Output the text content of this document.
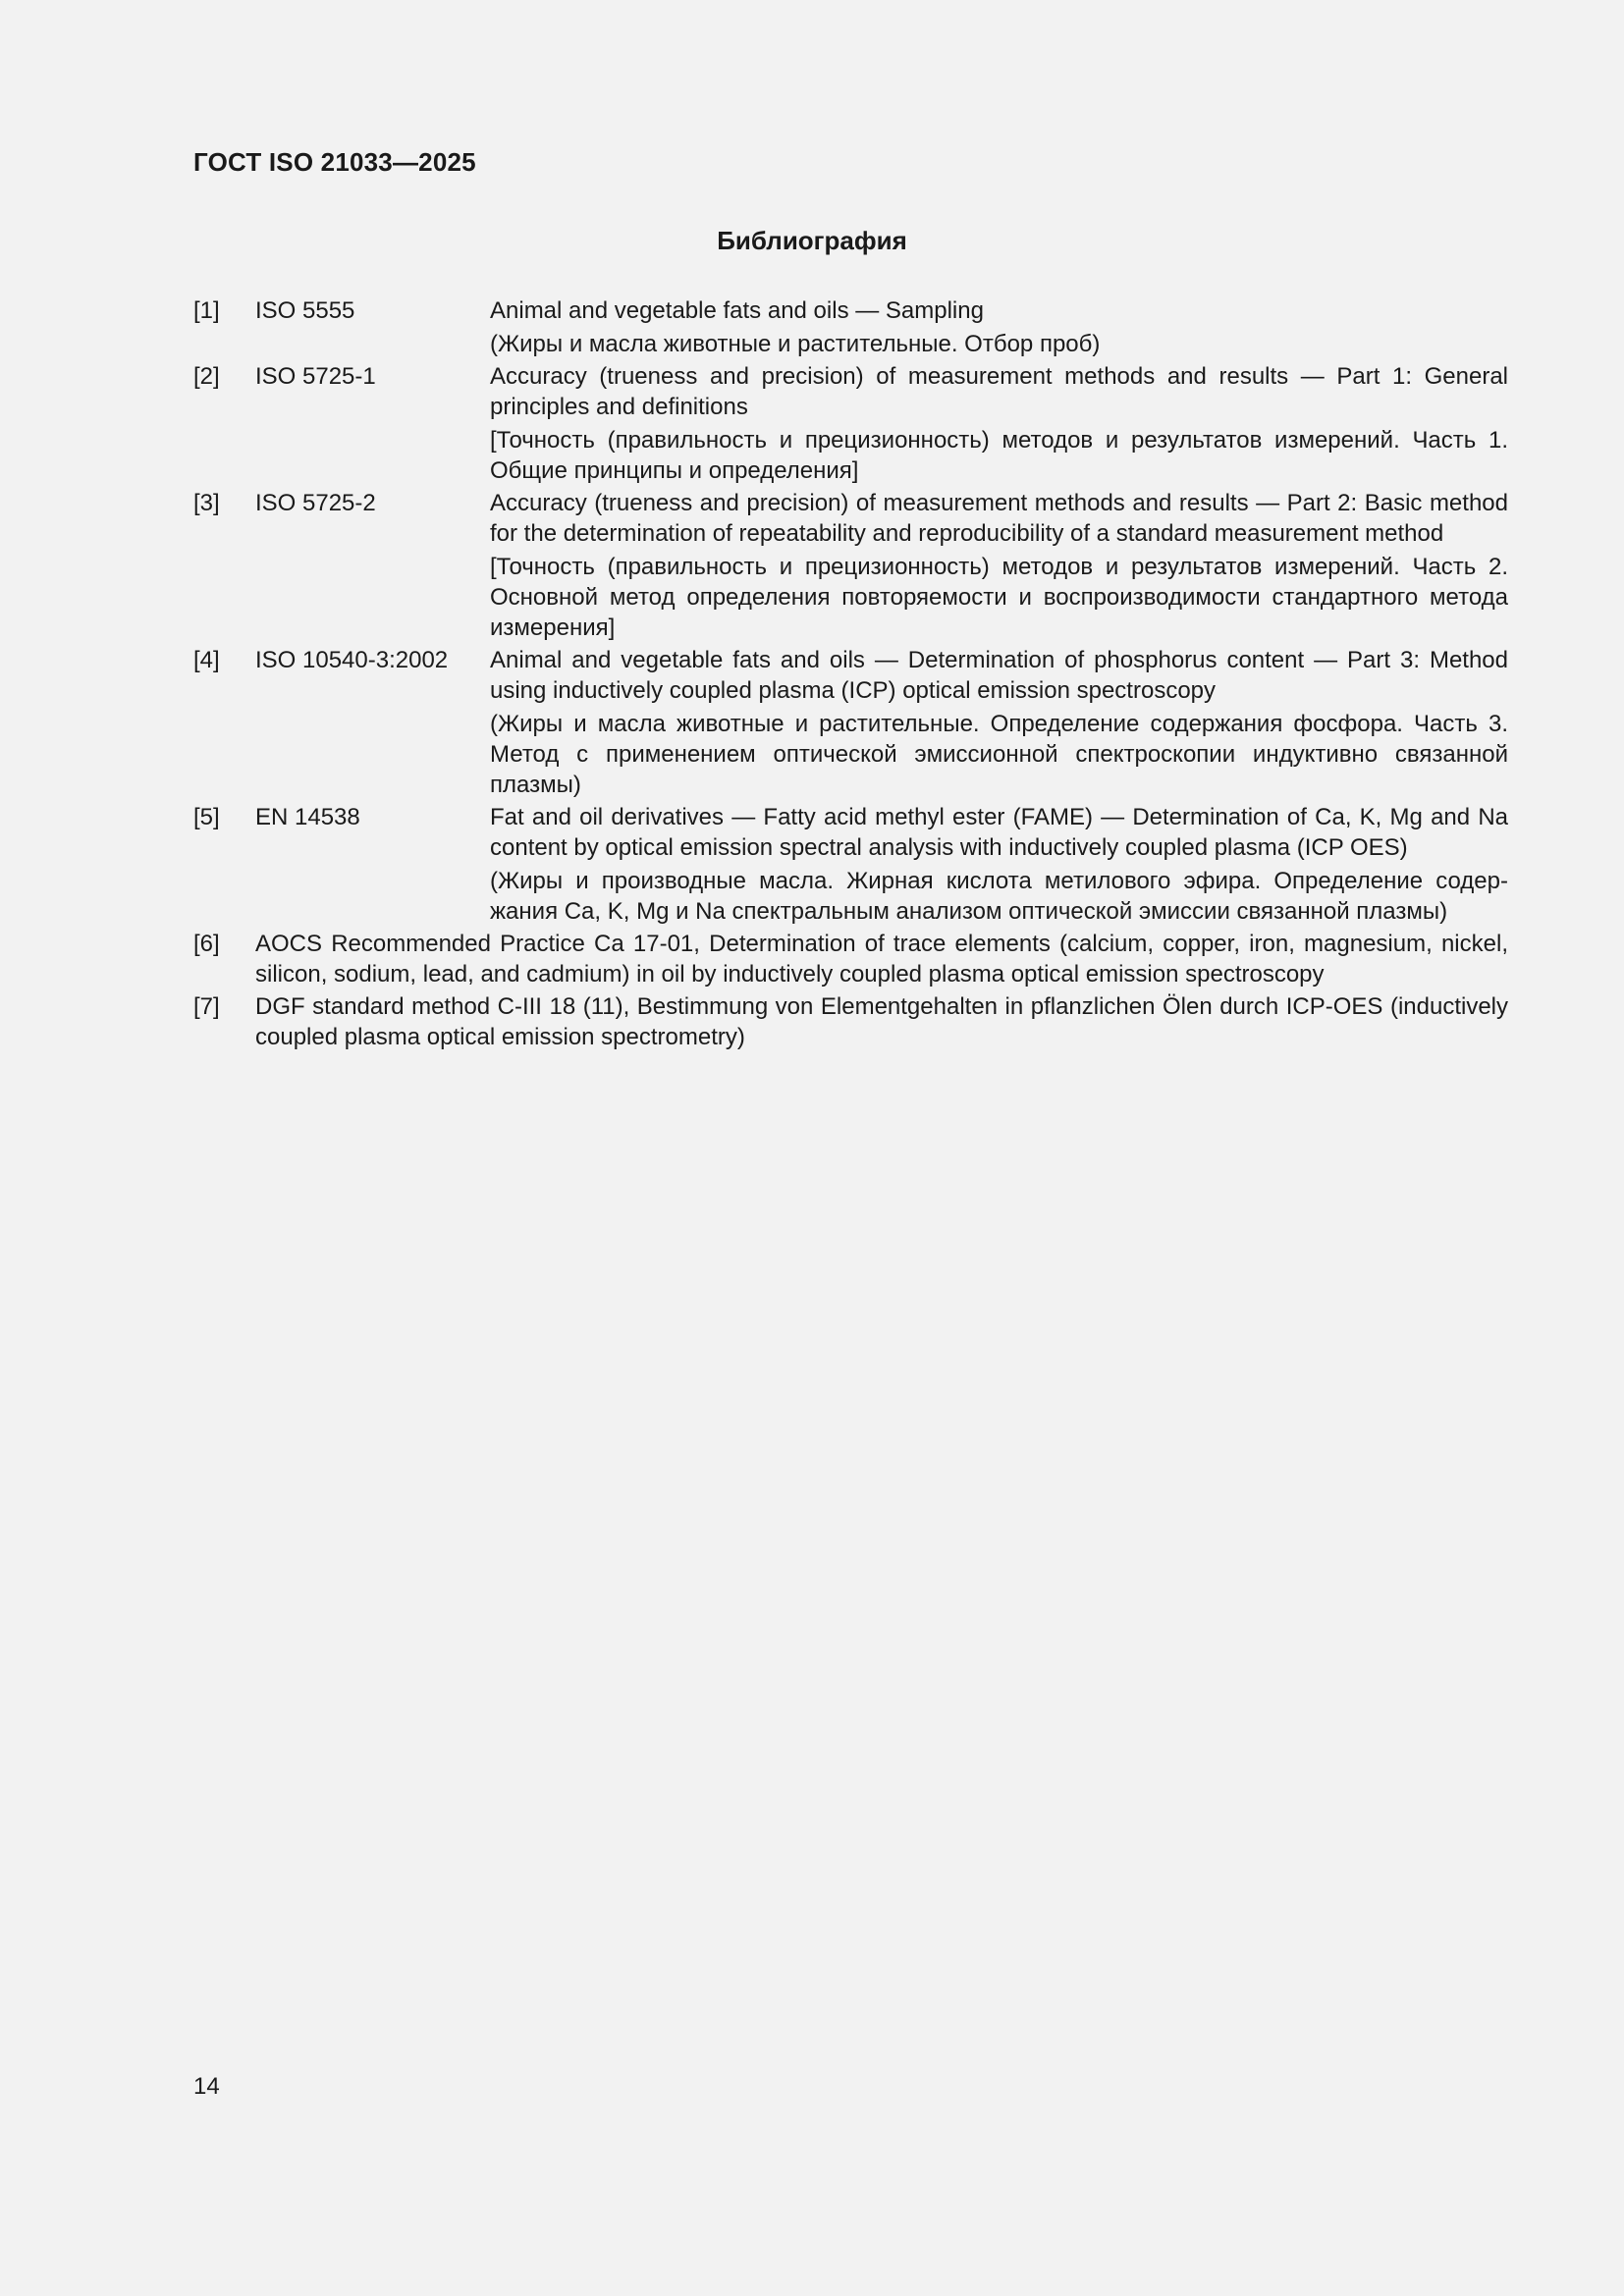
ГОСТ ISO 21033—2025
Библиография
[1]	ISO 5555	Animal and vegetable fats and oils — Sampling

(Жиры и масла животные и растительные. Отбор проб)

[2]	ISO 5725-1	Accuracy (trueness and precision) of measurement methods and results — Part 1: General principles and definitions

[Точность (правильность и прецизионность) методов и результатов измерений. Часть 1. Общие принципы и определения]

[3]	ISO 5725-2	Accuracy (trueness and precision) of measurement methods and results — Part 2: Basic method for the determination of repeatability and reproducibility of a standard measurement method

[Точность (правильность и прецизионность) методов и результатов измерений. Часть 2. Основной метод определения повторяемости и воспроизводимости стандартного метода измерения]

[4]	ISO 10540-3:2002	Animal and vegetable fats and oils — Determination of phosphorus content — Part 3: Method using inductively coupled plasma (ICP) optical emission spectroscopy

(Жиры и масла животные и растительные. Определение содержания фосфора. Часть 3. Метод с применением оптической эмиссионной спектроскопии индуктивно связанной плазмы)

[5]	EN 14538	Fat and oil derivatives — Fatty acid methyl ester (FAME) — Determination of Ca, K, Mg and Na content by optical emission spectral analysis with inductively coupled plasma (ICP OES)

(Жиры и производные масла. Жирная кислота метилового эфира. Определение содержания Ca, K, Mg и Na спектральным анализом оптической эмиссии связанной плазмы)

[6]	AOCS Recommended Practice Ca 17-01, Determination of trace elements (calcium, copper, iron, magnesium, nickel, silicon, sodium, lead, and cadmium) in oil by inductively coupled plasma optical emission spectroscopy

[7]	DGF standard method C-III 18 (11), Bestimmung von Elementgehalten in pflanzlichen Ölen durch ICP-OES (inductively coupled plasma optical emission spectrometry)

14
